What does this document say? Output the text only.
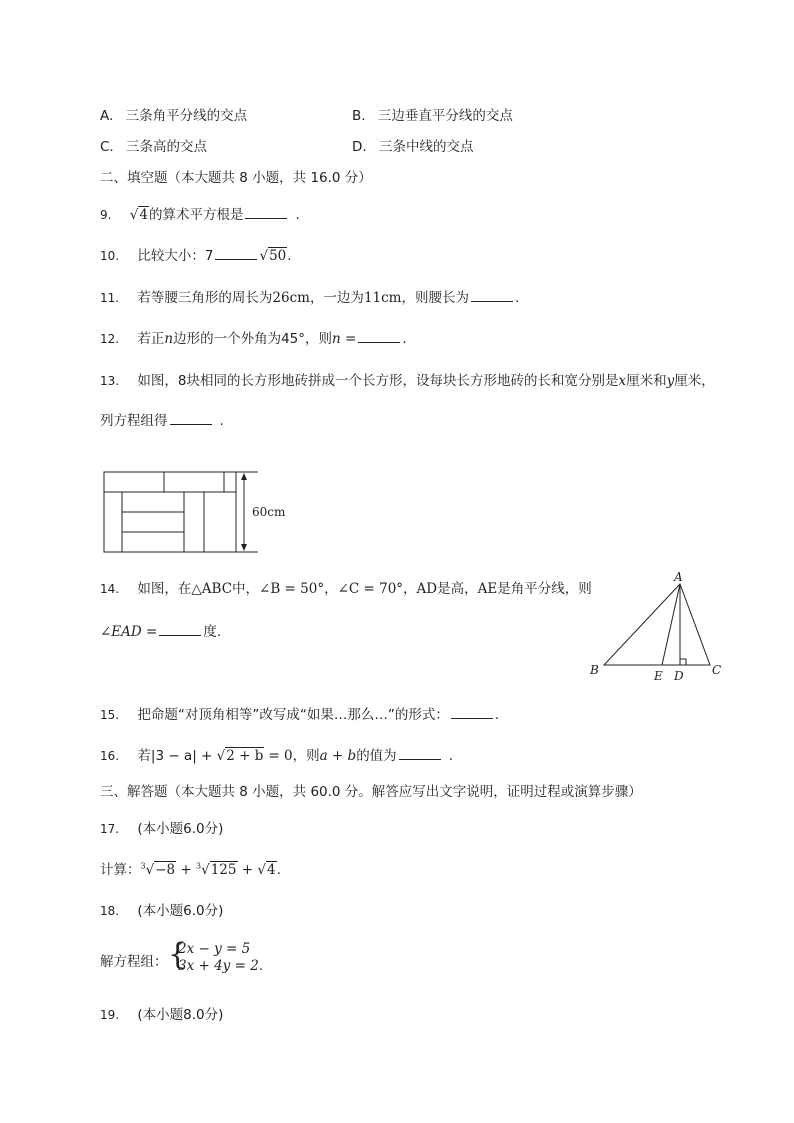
A. 三条角平分线的交点	B. 三边垂直平分线的交点
C. 三条高的交点	D. 三条中线的交点
二、填空题（本大题共 8 小题，共 16.0 分）
9. √4的算术平方根是	.
10. 比较大小：7	√50.
11. 若等腰三角形的周长为26cm，一边为11cm，则腰长为	.
12. 若正n边形的一个外角为45°，则n =	.
13. 如图，8块相同的长方形地砖拼成一个长方形，设每块长方形地砖的长和宽分别是x厘米和y厘米，
列方程组得	.
60cm
14. 如图，在△ABC中，∠B = 50°，∠C = 70°，AD是高，AE是角平分线，则
∠EAD =	度.
A
B	C
E D
15. 把命题“对顶角相等”改写成“如果…那么…”的形式：	.
16. 若|3 − a| + √2 + b = 0，则a + b的值为	.
三、解答题（本大题共 8 小题，共 60.0 分。解答应写出文字说明，证明过程或演算步骤）
17. (本小题6.0分)
计算：$^3$√−8 + $^3$√125 + √4.
18. (本小题6.0分)
解方程组： {
2x − y = 5
3x + 4y = 2.
19. (本小题8.0分)
